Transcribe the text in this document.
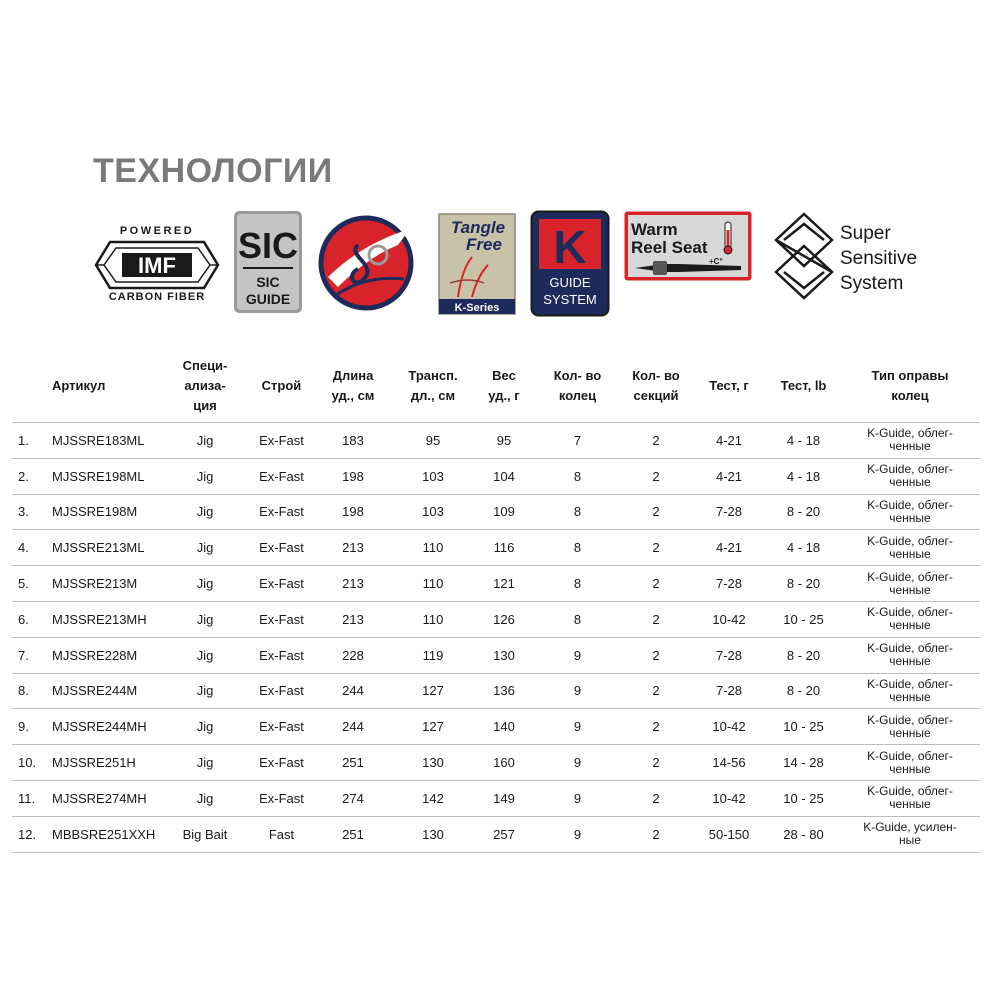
ТЕХНОЛОГИИ
POWERED
IMF
CARBON FIBER
SIC
SIC
GUIDE
Tangle
Free
K-Series
K
GUIDE
SYSTEM
Warm
Reel Seat
+C°
Super
Sensitive
System
	Артикул	Специ-
ализа-
ция	Строй	Длина
уд., см	Трансп.
дл., см	Вес
уд., г	Кол- во
колец	Кол- во
секций	Тест, г	Тест, lb	Тип оправы
колец
1.	MJSSRE183ML	Jig	Ex-Fast	183	95	95	7	2	4-21	4 - 18	K-Guide, облег-
ченные

2.	MJSSRE198ML	Jig	Ex-Fast	198	103	104	8	2	4-21	4 - 18	K-Guide, облег-
ченные

3.	MJSSRE198M	Jig	Ex-Fast	198	103	109	8	2	7-28	8 - 20	K-Guide, облег-
ченные

4.	MJSSRE213ML	Jig	Ex-Fast	213	110	116	8	2	4-21	4 - 18	K-Guide, облег-
ченные

5.	MJSSRE213M	Jig	Ex-Fast	213	110	121	8	2	7-28	8 - 20	K-Guide, облег-
ченные

6.	MJSSRE213MH	Jig	Ex-Fast	213	110	126	8	2	10-42	10 - 25	K-Guide, облег-
ченные

7.	MJSSRE228M	Jig	Ex-Fast	228	119	130	9	2	7-28	8 - 20	K-Guide, облег-
ченные

8.	MJSSRE244M	Jig	Ex-Fast	244	127	136	9	2	7-28	8 - 20	K-Guide, облег-
ченные

9.	MJSSRE244MH	Jig	Ex-Fast	244	127	140	9	2	10-42	10 - 25	K-Guide, облег-
ченные

10.	MJSSRE251H	Jig	Ex-Fast	251	130	160	9	2	14-56	14 - 28	K-Guide, облег-
ченные

11.	MJSSRE274MH	Jig	Ex-Fast	274	142	149	9	2	10-42	10 - 25	K-Guide, облег-
ченные

12.	MBBSRE251XXH	Big Bait	Fast	251	130	257	9	2	50-150	28 - 80	K-Guide, усилен-
ные
